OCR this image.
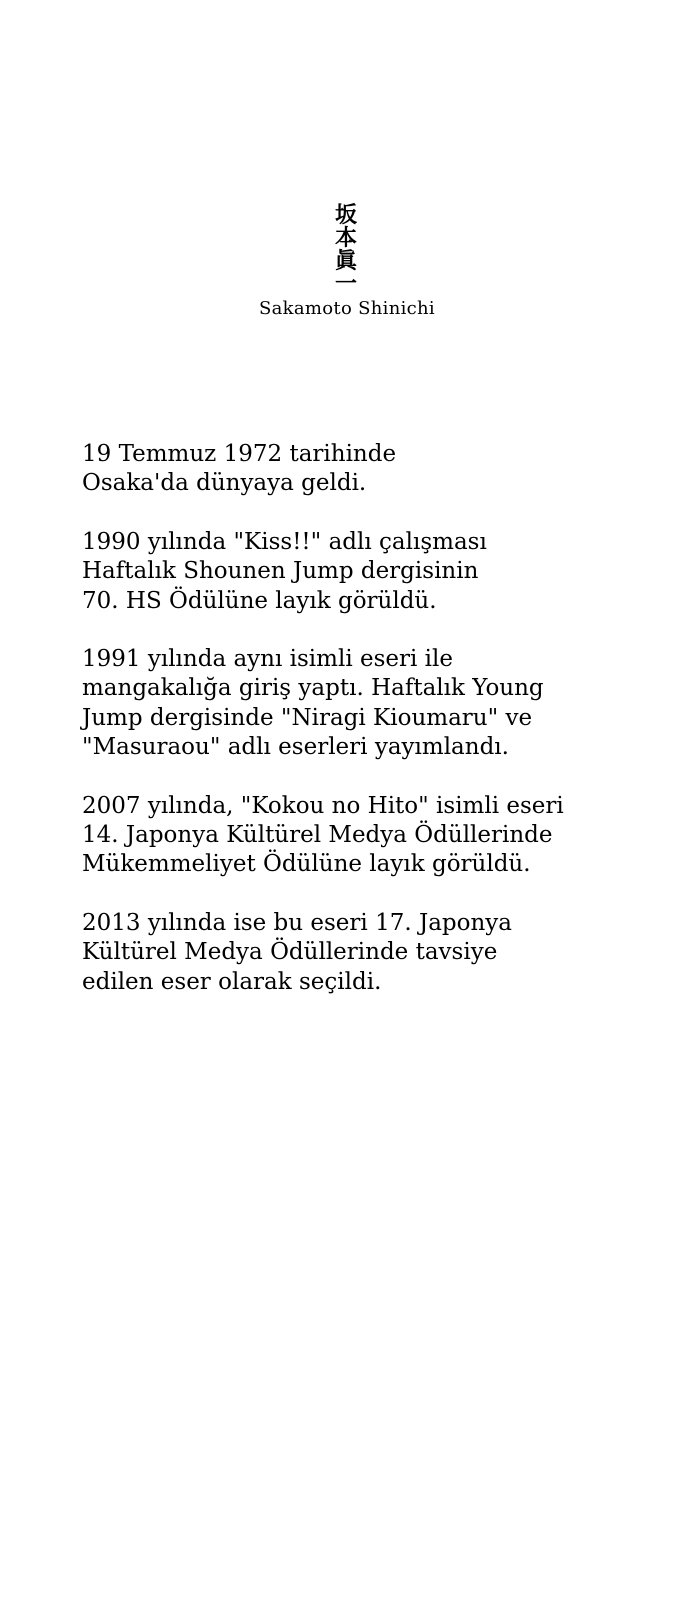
坂本眞一
Sakamoto Shinichi

19 Temmuz 1972 tarihinde
Osaka'da dünyaya geldi.

1990 yılında "Kiss!!" adlı çalışması
Haftalık Shounen Jump dergisinin
70. HS Ödülüne layık görüldü.

1991 yılında aynı isimli eseri ile
mangakalığa giriş yaptı. Haftalık Young
Jump dergisinde "Niragi Kioumaru" ve
"Masuraou" adlı eserleri yayımlandı.

2007 yılında, "Kokou no Hito" isimli eseri
14. Japonya Kültürel Medya Ödüllerinde
Mükemmeliyet Ödülüne layık görüldü.

2013 yılında ise bu eseri 17. Japonya
Kültürel Medya Ödüllerinde tavsiye
edilen eser olarak seçildi.
